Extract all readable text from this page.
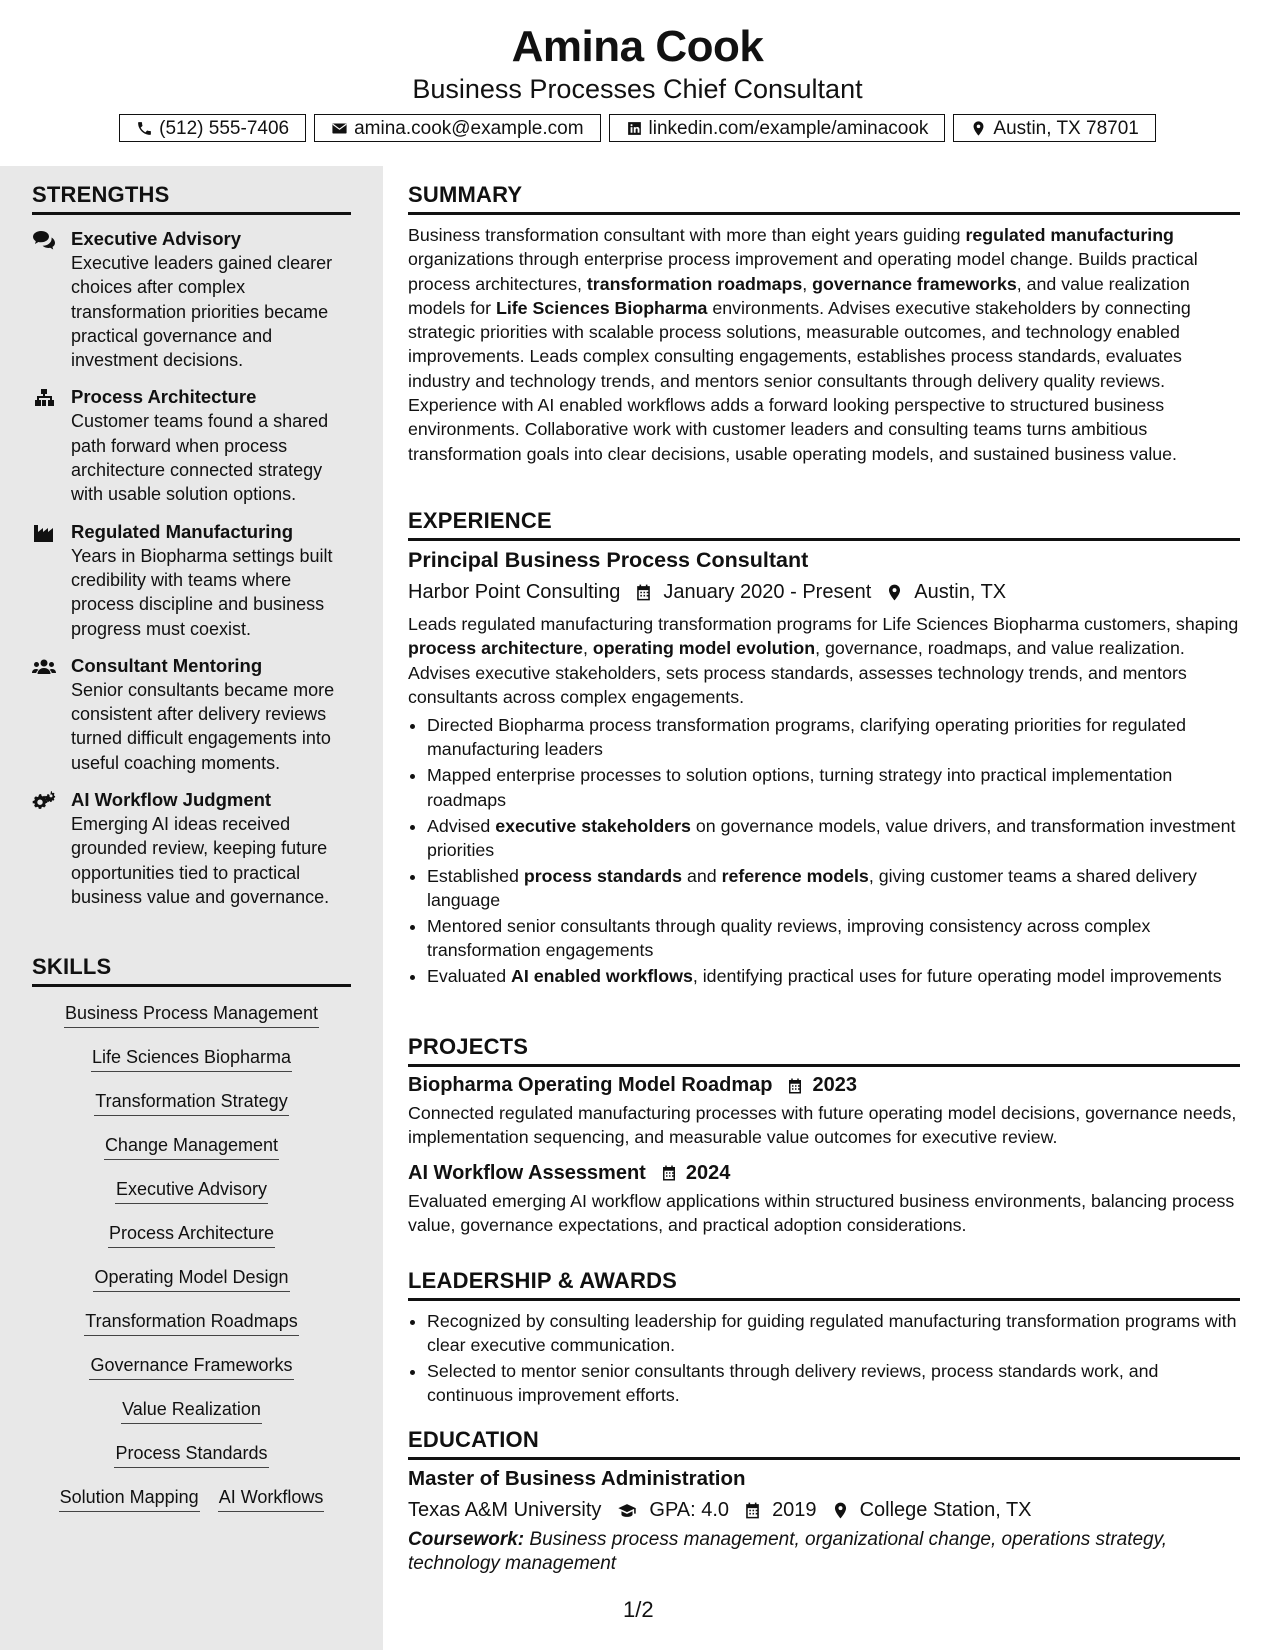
Amina Cook
Business Processes Chief Consultant
(512) 555-7406	amina.cook@example.com	linkedin.com/example/aminacook	Austin, TX 78701
STRENGTHS
Executive Advisory
Executive leaders gained clearer choices after complex transformation priorities became practical governance and investment decisions.
Process Architecture
Customer teams found a shared path forward when process architecture connected strategy with usable solution options.
Regulated Manufacturing
Years in Biopharma settings built credibility with teams where process discipline and business progress must coexist.
Consultant Mentoring
Senior consultants became more consistent after delivery reviews turned difficult engagements into useful coaching moments.
AI Workflow Judgment
Emerging AI ideas received grounded review, keeping future opportunities tied to practical business value and governance.
SKILLS
Business Process Management
Life Sciences Biopharma
Transformation Strategy
Change Management
Executive Advisory
Process Architecture
Operating Model Design
Transformation Roadmaps
Governance Frameworks
Value Realization
Process Standards
Solution Mapping AI Workflows
SUMMARY
Business transformation consultant with more than eight years guiding regulated manufacturing organizations through enterprise process improvement and operating model change. Builds practical process architectures, transformation roadmaps, governance frameworks, and value realization models for Life Sciences Biopharma environments. Advises executive stakeholders by connecting strategic priorities with scalable process solutions, measurable outcomes, and technology enabled improvements. Leads complex consulting engagements, establishes process standards, evaluates industry and technology trends, and mentors senior consultants through delivery quality reviews. Experience with AI enabled workflows adds a forward looking perspective to structured business environments. Collaborative work with customer leaders and consulting teams turns ambitious transformation goals into clear decisions, usable operating models, and sustained business value.
EXPERIENCE
Principal Business Process Consultant
Harbor Point Consulting January 2020 - Present Austin, TX
Leads regulated manufacturing transformation programs for Life Sciences Biopharma customers, shaping process architecture, operating model evolution, governance, roadmaps, and value realization. Advises executive stakeholders, sets process standards, assesses technology trends, and mentors consultants across complex engagements.
• Directed Biopharma process transformation programs, clarifying operating priorities for regulated manufacturing leaders
• Mapped enterprise processes to solution options, turning strategy into practical implementation roadmaps
• Advised executive stakeholders on governance models, value drivers, and transformation investment priorities
• Established process standards and reference models, giving customer teams a shared delivery language
• Mentored senior consultants through quality reviews, improving consistency across complex transformation engagements
• Evaluated AI enabled workflows, identifying practical uses for future operating model improvements
PROJECTS
Biopharma Operating Model Roadmap 2023
Connected regulated manufacturing processes with future operating model decisions, governance needs, implementation sequencing, and measurable value outcomes for executive review.
AI Workflow Assessment 2024
Evaluated emerging AI workflow applications within structured business environments, balancing process value, governance expectations, and practical adoption considerations.
LEADERSHIP & AWARDS
• Recognized by consulting leadership for guiding regulated manufacturing transformation programs with clear executive communication.
• Selected to mentor senior consultants through delivery reviews, process standards work, and continuous improvement efforts.
EDUCATION
Master of Business Administration
Texas A&M University GPA: 4.0 2019 College Station, TX
Coursework: Business process management, organizational change, operations strategy, technology management
1/2
